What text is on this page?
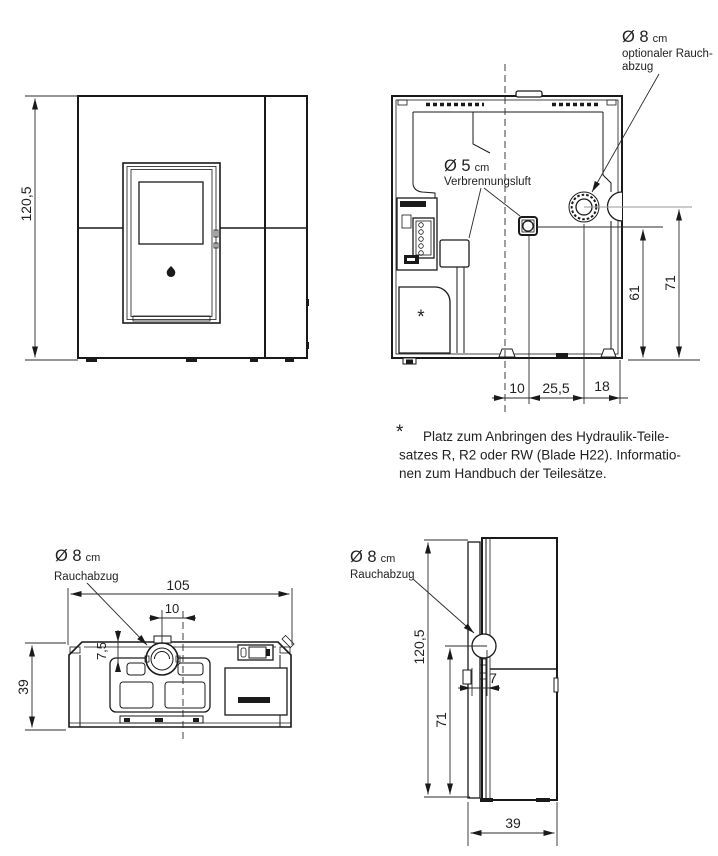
120,5
*
61
71
10 25,5 18
Ø 8 cm
optionaler Rauch-
abzug
Ø 5 cm
Verbrennungsluft
* Platz zum Anbringen des Hydraulik-Teile-
satzes R, R2 oder RW (Blade H22). Informatio-
nen zum Handbuch der Teilesätze.
105
10
7,5
39
Ø 8 cm
Rauchabzug
120,5
71
7
39
Ø 8 cm
Rauchabzug
